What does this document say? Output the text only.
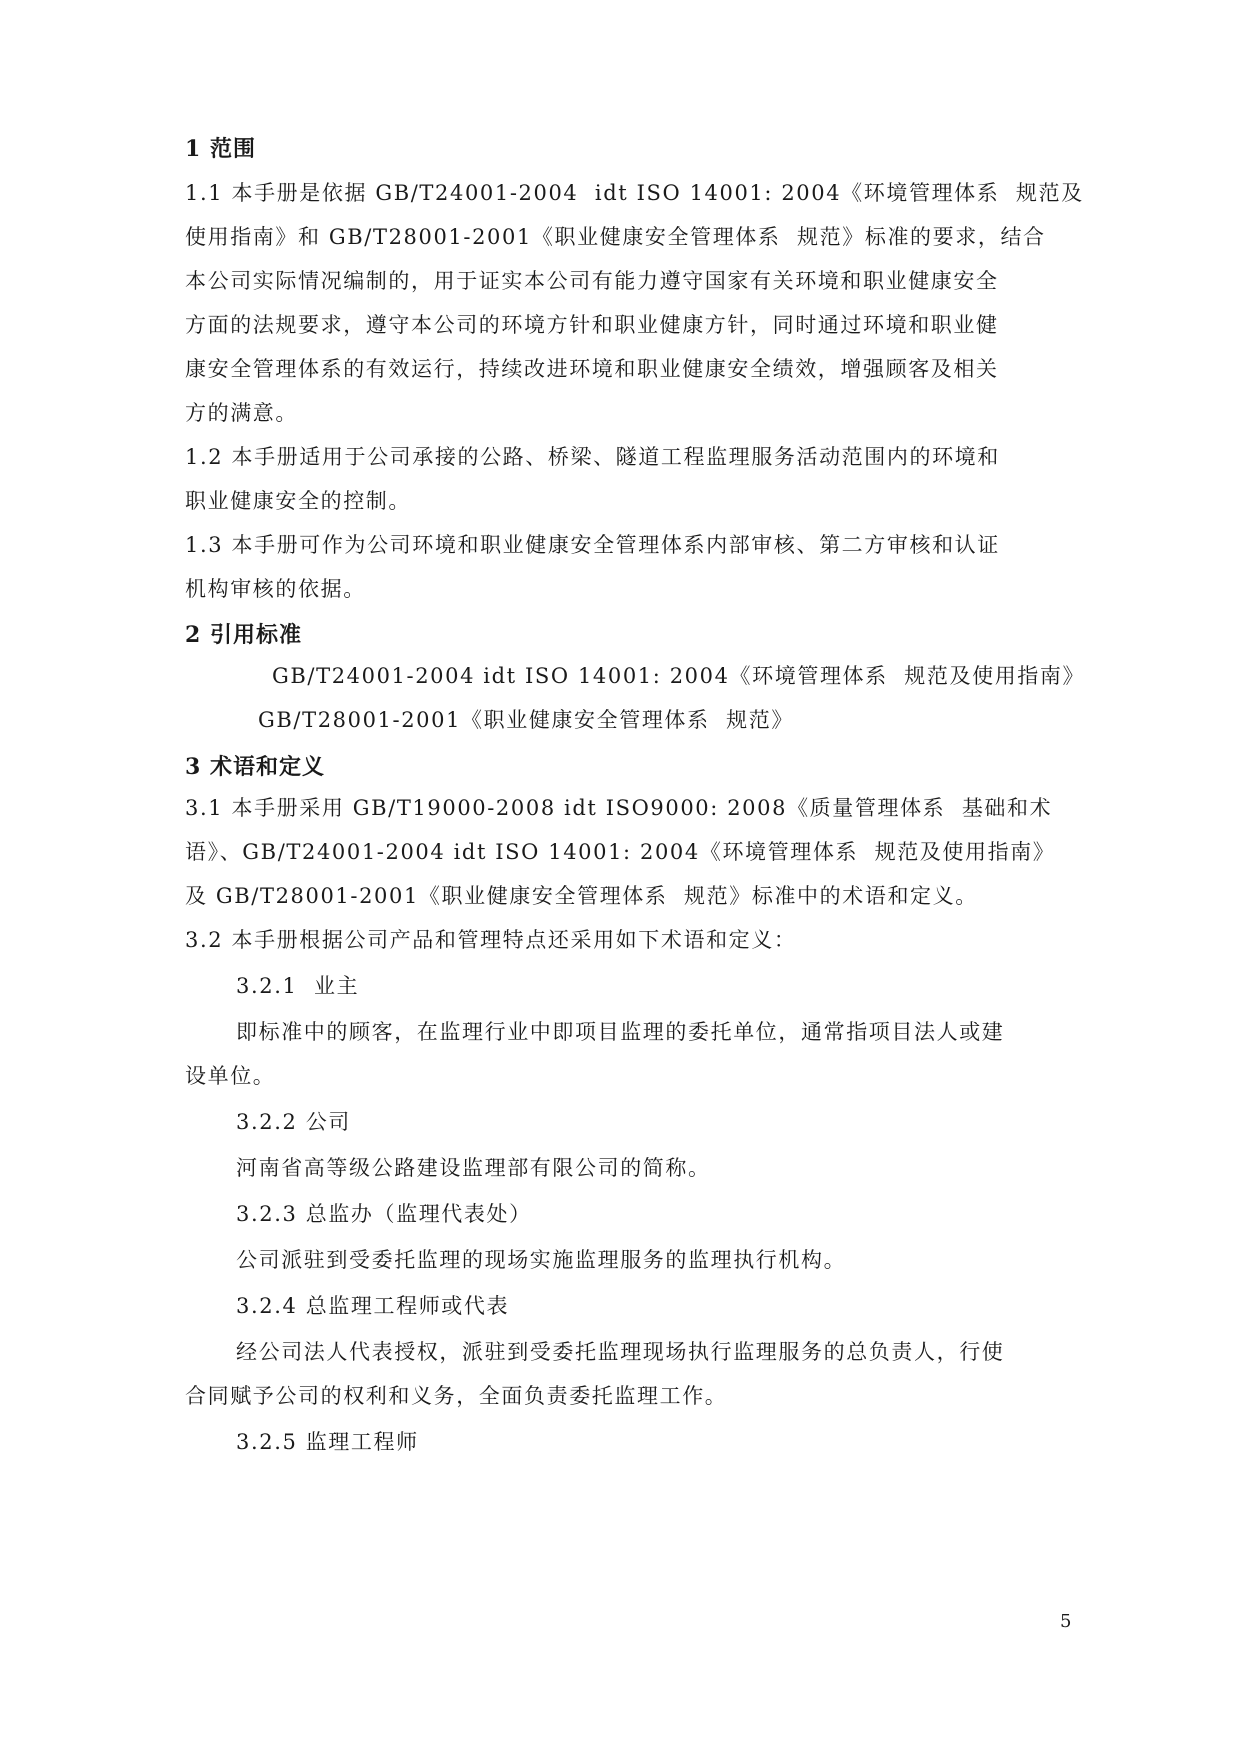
1 范围
1.1 本手册是依据 GB/T24001-2004  idt ISO 14001: 2004《环境管理体系  规范及
使用指南》和 GB/T28001-2001《职业健康安全管理体系  规范》标准的要求，结合
本公司实际情况编制的，用于证实本公司有能力遵守国家有关环境和职业健康安全
方面的法规要求，遵守本公司的环境方针和职业健康方针，同时通过环境和职业健
康安全管理体系的有效运行，持续改进环境和职业健康安全绩效，增强顾客及相关
方的满意。
1.2 本手册适用于公司承接的公路、桥梁、隧道工程监理服务活动范围内的环境和
职业健康安全的控制。
1.3 本手册可作为公司环境和职业健康安全管理体系内部审核、第二方审核和认证
机构审核的依据。
2 引用标准
GB/T24001-2004 idt ISO 14001: 2004《环境管理体系  规范及使用指南》
GB/T28001-2001《职业健康安全管理体系  规范》
3 术语和定义
3.1 本手册采用 GB/T19000-2008 idt ISO9000: 2008《质量管理体系  基础和术
语》、GB/T24001-2004 idt ISO 14001: 2004《环境管理体系  规范及使用指南》
及 GB/T28001-2001《职业健康安全管理体系  规范》标准中的术语和定义。
3.2 本手册根据公司产品和管理特点还采用如下术语和定义：
3.2.1  业主
即标准中的顾客，在监理行业中即项目监理的委托单位，通常指项目法人或建
设单位。
3.2.2 公司
河南省高等级公路建设监理部有限公司的简称。
3.2.3 总监办（监理代表处）
公司派驻到受委托监理的现场实施监理服务的监理执行机构。
3.2.4 总监理工程师或代表
经公司法人代表授权，派驻到受委托监理现场执行监理服务的总负责人，行使
合同赋予公司的权利和义务，全面负责委托监理工作。
3.2.5 监理工程师
5
